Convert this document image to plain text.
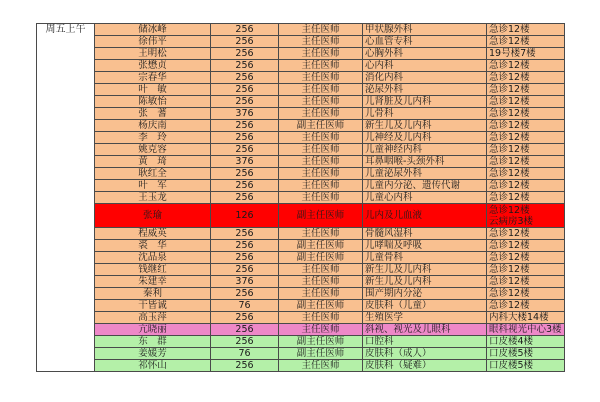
周五上午	储冰峰	256	主任医师	甲状腺外科	急诊12楼
	徐伟平	256	主任医师	心血管专科	急诊12楼
	王明松	256	主任医师	心胸外科	19号楼7楼
	张懋贞	256	主任医师	心内科	急诊12楼
	宗春华	256	主任医师	消化内科	急诊12楼
	叶　敏	256	主任医师	泌尿外科	急诊12楼
	陈敏怡	256	主任医师	儿肾脏及儿内科	急诊12楼
	张　蓍	376	主任医师	儿骨科	急诊12楼
	杨庆南	256	副主任医师	新生儿及儿内科	急诊12楼
	李　玲	256	主任医师	儿神经及儿内科	急诊12楼
	姚克容	256	主任医师	儿童神经内科	急诊12楼
	黄　琦	376	主任医师	耳鼻咽喉-头颈外科	急诊12楼
	耿红全	256	主任医师	儿童泌尿外科	急诊12楼
	叶　军	256	主任医师	儿童内分泌、遗传代谢	急诊12楼
	王玉龙	256	主任医师	儿童心内科	急诊12楼
	张瑜	126	副主任医师	儿内及儿血液	急诊12楼
云病房3楼
	程威英	256	主任医师	骨髓风湿科	急诊12楼
	裘　华	256	副主任医师	儿哮喘及呼吸	急诊12楼
	沈品泉	256	副主任医师	儿童骨科	急诊12楼
	钱继红	256	主任医师	新生儿及儿内科	急诊12楼
	朱建幸	376	主任医师	新生儿及儿内科	急诊12楼
	秦利	256	主任医师	围产期内分泌	急诊12楼
	干皆诚	76	副主任医师	皮肤科（儿童）	急诊12楼
	高玉萍	256	主任医师	生殖医学	内科大楼14楼
	亢晓丽	256	主任医师	斜视、视光及儿眼科	眼科视光中心3楼
	东　群	256	副主任医师	口腔科	口皮楼4楼
	姜媛芳	76	副主任医师	皮肤科（成人）	口皮楼5楼
	祁怀山	256	主任医师	皮肤科（疑难）	口皮楼5楼
